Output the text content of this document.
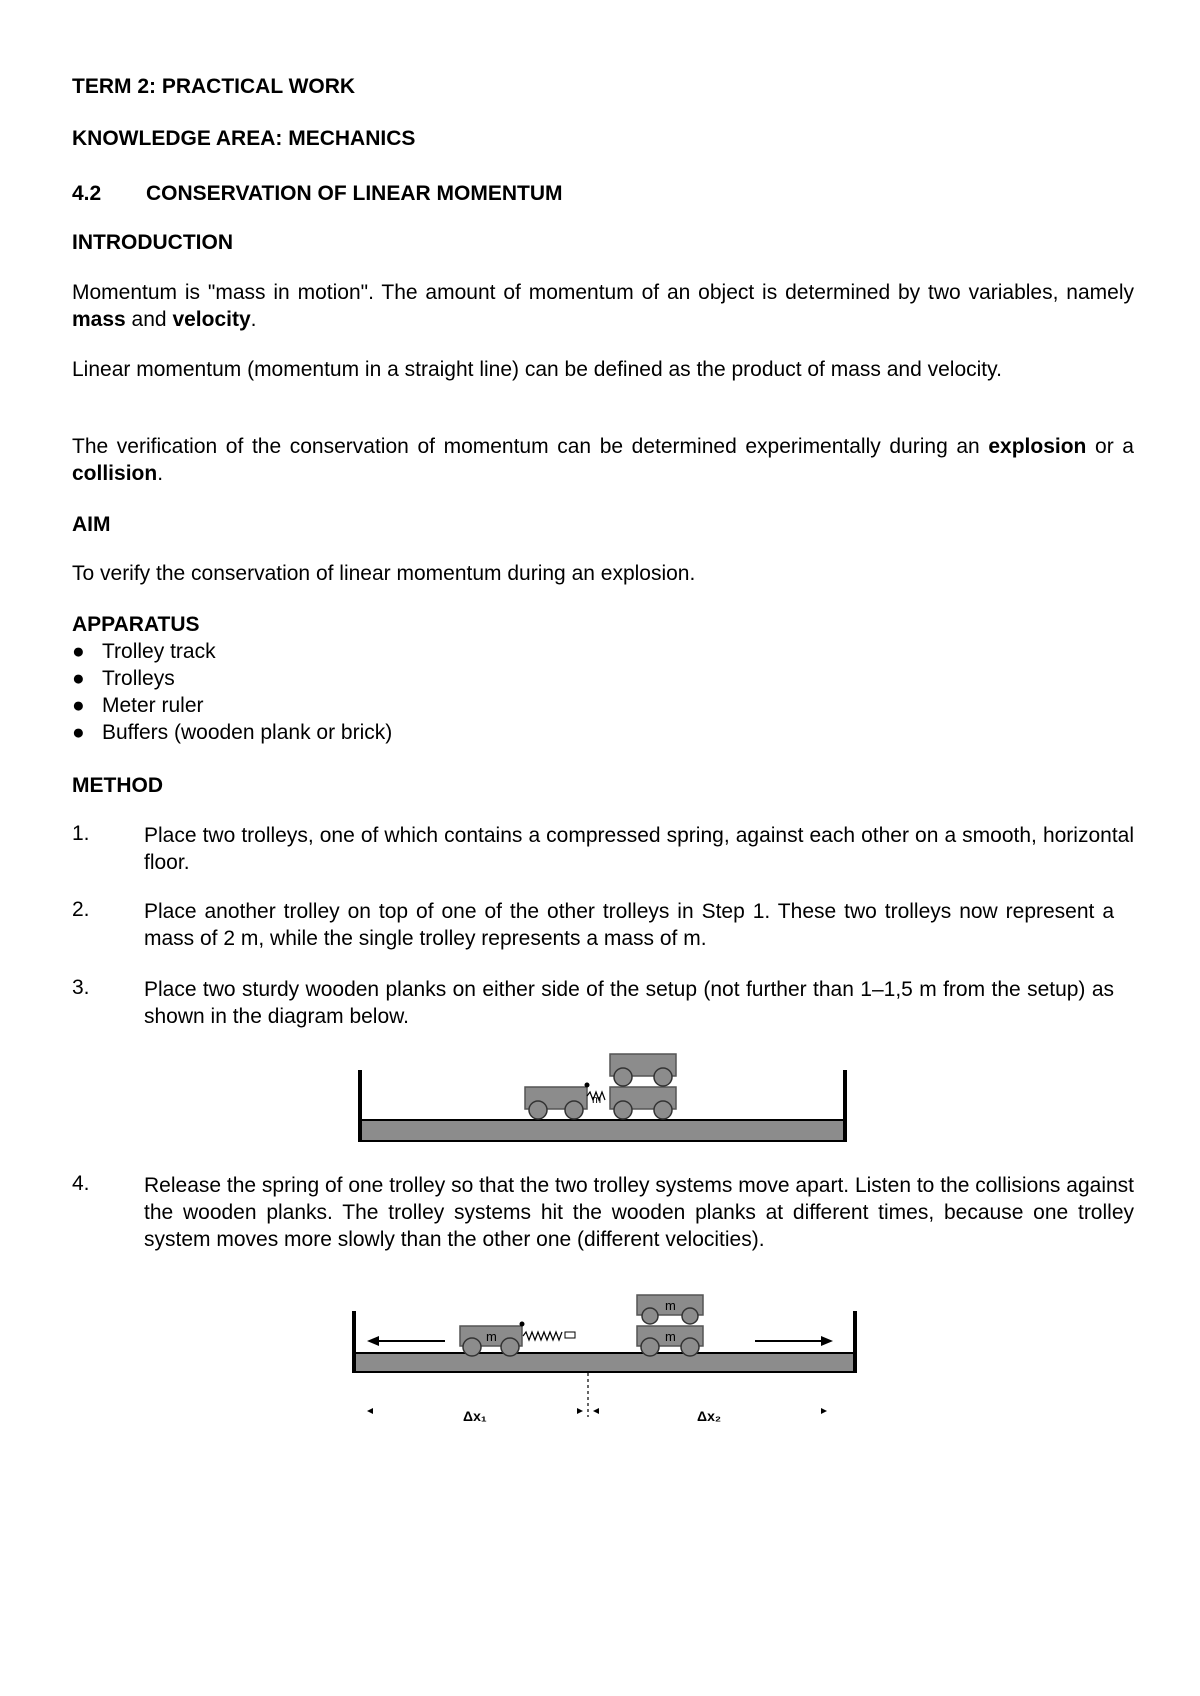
TERM 2: PRACTICAL WORK
KNOWLEDGE AREA: MECHANICS
4.2 CONSERVATION OF LINEAR MOMENTUM
INTRODUCTION

Momentum is "mass in motion". The amount of momentum of an object is determined by two variables, namely mass and velocity.

Linear momentum (momentum in a straight line) can be defined as the product of mass and velocity.

The verification of the conservation of momentum can be determined experimentally during an explosion or a collision.

AIM

To verify the conservation of linear momentum during an explosion.

APPARATUS
● Trolley track
● Trolleys
● Meter ruler
● Buffers (wooden plank or brick)
METHOD
1.	Place two trolleys, one of which contains a compressed spring, against each other on a smooth, horizontal floor.
2.	Place another trolley on top of one of the other trolleys in Step 1. These two trolleys now represent a mass of 2 m, while the single trolley represents a mass of m.
3.	Place two sturdy wooden planks on either side of the setup (not further than 1–1,5 m from the setup) as shown in the diagram below.
4.	Release the spring of one trolley so that the two trolley systems move apart. Listen to the collisions against the wooden planks. The trolley systems hit the wooden planks at different times, because one trolley system moves more slowly than the other one (different velocities).
m
m
m
m
Δx₁	Δx₂
